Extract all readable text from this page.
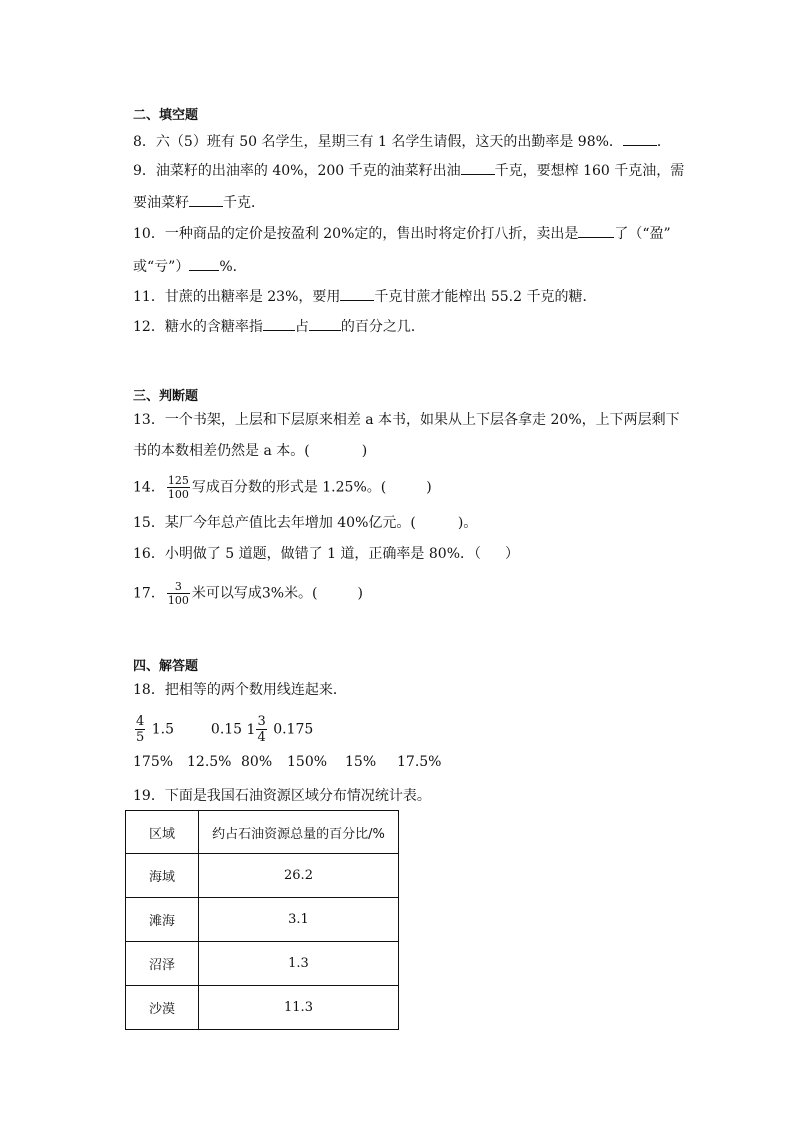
二、填空题
8．六（5）班有 50 名学生，星期三有 1 名学生请假，这天的出勤率是 98%． ．
9．油菜籽的出油率的 40%，200 千克的油菜籽出油 千克，要想榨 160 千克油，需
要油菜籽 千克．
10．一种商品的定价是按盈利 20%定的，售出时将定价打八折，卖出是	了（“盈”
或“亏”） %．
11．甘蔗的出糖率是 23%，要用 千克甘蔗才能榨出 55.2 千克的糖．
12．糖水的含糖率指 占 的百分之几．
三、判断题
13．一个书架，上层和下层原来相差 a 本书，如果从上下层各拿走 20%，上下两层剩下
书的本数相差仍然是 a 本。(	)
14． $\frac{125}{100}$ 写成百分数的形式是 1.25%。(	)
15．某厂今年总产值比去年增加 40%亿元。(	)。
16．小明做了 5 道题，做错了 1 道，正确率是 80%．（ ）
17． $\frac{3}{100}$ 米可以写成3%米。(	)
四、解答题
18．把相等的两个数用线连起来．
$\frac{4}{5} 1.5$	0.15 $1 \frac{3}{4} 0.175$
175% 12.5% 80% 150% 15% 17.5%
19．下面是我国石油资源区域分布情况统计表。
区域	约占石油资源总量的百分比/%
海域	26.2
滩海	3.1
沼泽	1.3
沙漠	11.3
